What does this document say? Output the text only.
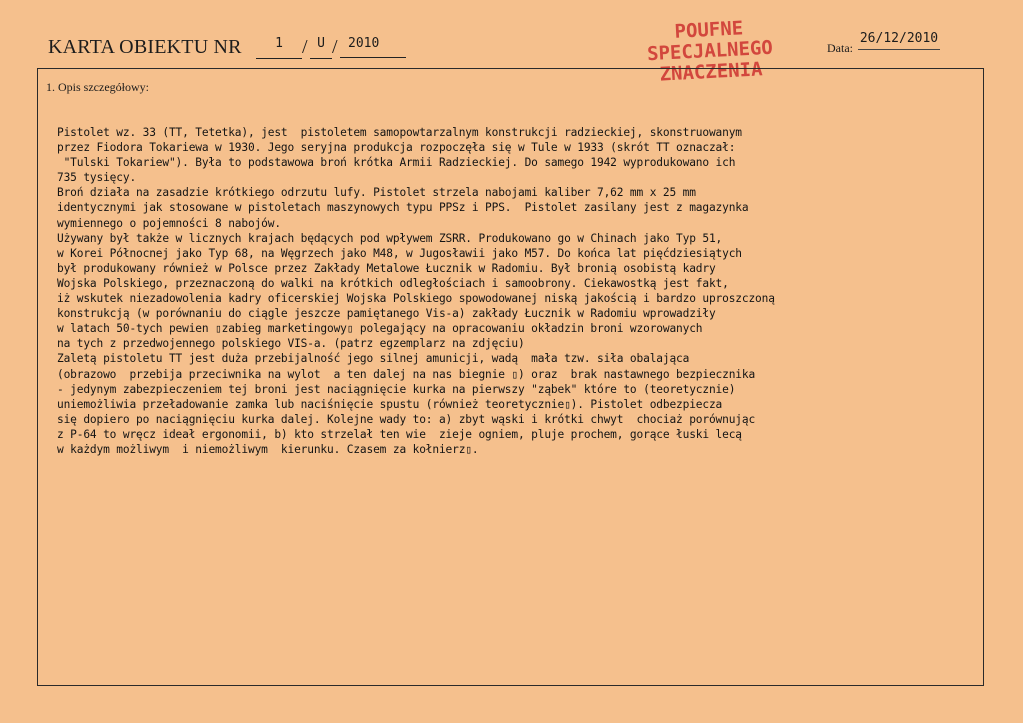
KARTA OBIEKTU NR	1 / U / 2010
POUFNE
SPECJALNEGO
ZNACZENIA
Data:
26/12/2010
1. Opis szczegółowy:
Pistolet wz. 33 (TT, Tetetka), jest  pistoletem samopowtarzalnym konstrukcji radzieckiej, skonstruowanym
przez Fiodora Tokariewa w 1930. Jego seryjna produkcja rozpoczęła się w Tule w 1933 (skrót TT oznaczał:
"Tulski Tokariew"). Była to podstawowa broń krótka Armii Radzieckiej. Do samego 1942 wyprodukowano ich
735 tysięcy.
Broń działa na zasadzie krótkiego odrzutu lufy. Pistolet strzela nabojami kaliber 7,62 mm x 25 mm
identycznymi jak stosowane w pistoletach maszynowych typu PPSz i PPS.  Pistolet zasilany jest z magazynka
wymiennego o pojemności 8 nabojów.
Używany był także w licznych krajach będących pod wpływem ZSRR. Produkowano go w Chinach jako Typ 51,
w Korei Północnej jako Typ 68, na Węgrzech jako M48, w Jugosławii jako M57. Do końca lat pięćdziesiątych
był produkowany również w Polsce przez Zakłady Metalowe Łucznik w Radomiu. Był bronią osobistą kadry
Wojska Polskiego, przeznaczoną do walki na krótkich odległościach i samoobrony. Ciekawostką jest fakt,
iż wskutek niezadowolenia kadry oficerskiej Wojska Polskiego spowodowanej niską jakością i bardzo uproszczoną
konstrukcją (w porównaniu do ciągle jeszcze pamiętanego Vis-a) zakłady Łucznik w Radomiu wprowadziły
w latach 50-tych pewien ▯zabieg marketingowy▯ polegający na opracowaniu okładzin broni wzorowanych
na tych z przedwojennego polskiego VIS-a. (patrz egzemplarz na zdjęciu)
Zaletą pistoletu TT jest duża przebijalność jego silnej amunicji, wadą  mała tzw. siła obalająca
(obrazowo  przebija przeciwnika na wylot  a ten dalej na nas biegnie ▯) oraz  brak nastawnego bezpiecznika
- jedynym zabezpieczeniem tej broni jest naciągnięcie kurka na pierwszy "ząbek" które to (teoretycznie)
uniemożliwia przeładowanie zamka lub naciśnięcie spustu (również teoretycznie▯). Pistolet odbezpiecza
się dopiero po naciągnięciu kurka dalej. Kolejne wady to: a) zbyt wąski i krótki chwyt  chociaż porównując
z P-64 to wręcz ideał ergonomii, b) kto strzelał ten wie  zieje ogniem, pluje prochem, gorące łuski lecą
w każdym możliwym  i niemożliwym  kierunku. Czasem za kołnierz▯.
